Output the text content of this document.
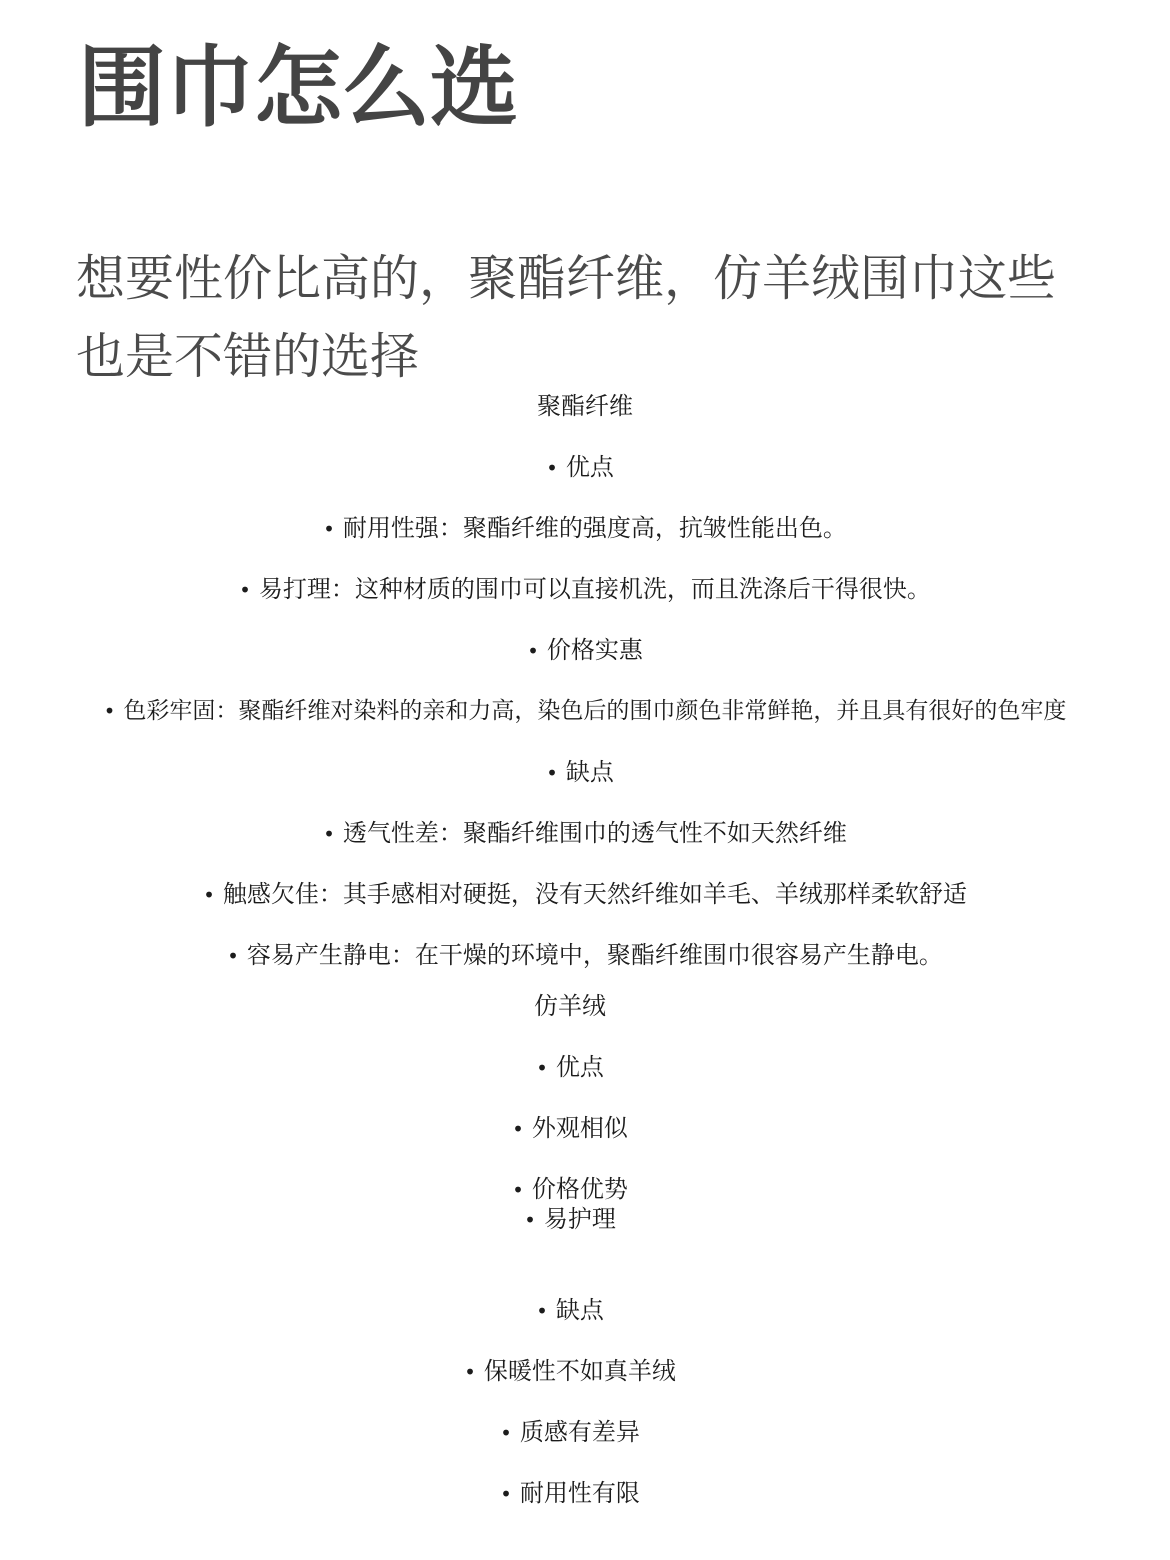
围巾怎么选

想要性价比高的，聚酯纤维，仿羊绒围巾这些也是不错的选择

聚酯纤维
• 优点
• 耐用性强：聚酯纤维的强度高，抗皱性能出色。
• 易打理：这种材质的围巾可以直接机洗，而且洗涤后干得很快。
• 价格实惠
• 色彩牢固：聚酯纤维对染料的亲和力高，染色后的围巾颜色非常鲜艳，并且具有很好的色牢度
• 缺点
• 透气性差：聚酯纤维围巾的透气性不如天然纤维
• 触感欠佳：其手感相对硬挺，没有天然纤维如羊毛、羊绒那样柔软舒适
• 容易产生静电：在干燥的环境中，聚酯纤维围巾很容易产生静电。
仿羊绒
• 优点
• 外观相似
• 价格优势
• 易护理
• 缺点
• 保暖性不如真羊绒
• 质感有差异
• 耐用性有限
